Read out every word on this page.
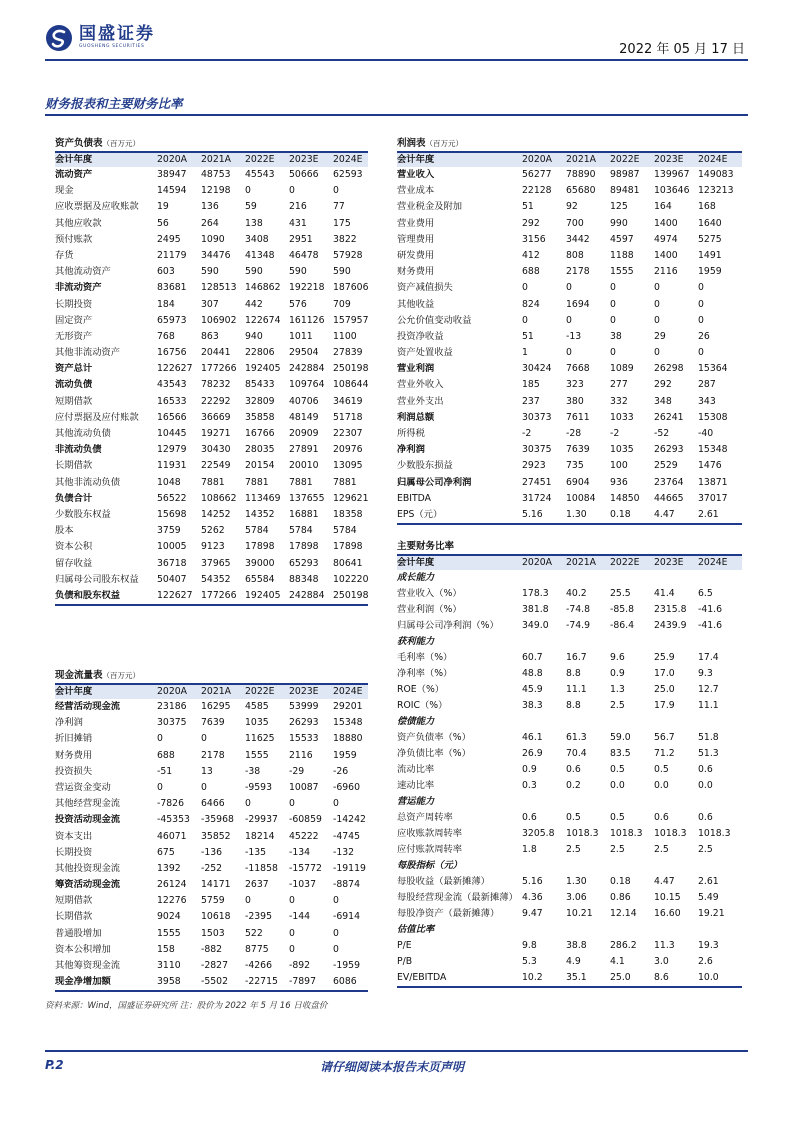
国盛证券
GUOSHENG SECURITIES	2022 年 05 月 17 日
财务报表和主要财务比率
资产负债表（百万元）
会计年度	2020A	2021A	2022E	2023E	2024E
流动资产	38947	48753	45543	50666	62593
现金	14594	12198	0	0	0
应收票据及应收账款	19	136	59	216	77
其他应收款	56	264	138	431	175
预付账款	2495	1090	3408	2951	3822
存货	21179	34476	41348	46478	57928
其他流动资产	603	590	590	590	590
非流动资产	83681	128513 146862 192218 187606
长期投资	184	307	442	576	709
固定资产	65973	106902 122674 161126 157957
无形资产	768	863	940	1011	1100
其他非流动资产	16756	20441	22806	29504	27839
资产总计	122627 177266 192405 242884 250198
流动负债	43543	78232	85433	109764 108644
短期借款	16533	22292	32809	40706	34619
应付票据及应付账款	16566	36669	35858	48149	51718
其他流动负债	10445	19271	16766	20909	22307
非流动负债	12979	30430	28035	27891	20976
长期借款	11931	22549	20154	20010	13095
其他非流动负债	1048	7881	7881	7881	7881
负债合计	56522	108662 113469 137655 129621
少数股东权益	15698	14252	14352	16881	18358
股本	3759	5262	5784	5784	5784
资本公积	10005	9123	17898	17898	17898
留存收益	36718	37965	39000	65293	80641
归属母公司股东权益	50407	54352	65584	88348	102220
负债和股东权益	122627 177266 192405 242884 250198
利润表（百万元）
会计年度	2020A	2021A	2022E	2023E	2024E
营业收入	56277	78890	98987	139967 149083
营业成本	22128	65680	89481	103646 123213
营业税金及附加	51	92	125	164	168
营业费用	292	700	990	1400	1640
管理费用	3156	3442	4597	4974	5275
研发费用	412	808	1188	1400	1491
财务费用	688	2178	1555	2116	1959
资产减值损失	0	0	0	0	0
其他收益	824	1694	0	0	0
公允价值变动收益	0	0	0	0	0
投资净收益	51	-13	38	29	26
资产处置收益	1	0	0	0	0
营业利润	30424	7668	1089	26298	15364
营业外收入	185	323	277	292	287
营业外支出	237	380	332	348	343
利润总额	30373	7611	1033	26241	15308
所得税	-2	-28	-2	-52	-40
净利润	30375	7639	1035	26293	15348
少数股东损益	2923	735	100	2529	1476
归属母公司净利润	27451	6904	936	23764	13871
EBITDA	31724	10084	14850	44665	37017
EPS（元）	5.16	1.30	0.18	4.47	2.61
主要财务比率
会计年度	2020A	2021A	2022E	2023E	2024E
成长能力
营业收入（%）	178.3	40.2	25.5	41.4	6.5
营业利润（%）	381.8	-74.8	-85.8	2315.8	-41.6
归属母公司净利润（%）	349.0	-74.9	-86.4	2439.9	-41.6
获利能力
毛利率（%）	60.7	16.7	9.6	25.9	17.4
净利率（%）	48.8	8.8	0.9	17.0	9.3
ROE（%）	45.9	11.1	1.3	25.0	12.7
ROIC（%）	38.3	8.8	2.5	17.9	11.1
偿债能力
资产负债率（%）	46.1	61.3	59.0	56.7	51.8
净负债比率（%）	26.9	70.4	83.5	71.2	51.3
流动比率	0.9	0.6	0.5	0.5	0.6
速动比率	0.3	0.2	0.0	0.0	0.0
营运能力
总资产周转率	0.6	0.5	0.5	0.6	0.6
应收账款周转率	3205.8	1018.3	1018.3	1018.3	1018.3
应付账款周转率	1.8	2.5	2.5	2.5	2.5
每股指标（元）
每股收益（最新摊薄）	5.16	1.30	0.18	4.47	2.61
每股经营现金流（最新摊薄） 4.36	3.06	0.86	10.15	5.49
每股净资产（最新摊薄）	9.47	10.21	12.14	16.60	19.21
估值比率
P/E	9.8	38.8	286.2	11.3	19.3
P/B	5.3	4.9	4.1	3.0	2.6
EV/EBITDA	10.2	35.1	25.0	8.6	10.0
现金流量表（百万元）
会计年度	2020A	2021A	2022E	2023E	2024E
经营活动现金流	23186	16295	4585	53999	29201
净利润	30375	7639	1035	26293	15348
折旧摊销	0	0	11625	15533	18880
财务费用	688	2178	1555	2116	1959
投资损失	-51	13	-38	-29	-26
营运资金变动	0	0	-9593	10087	-6960
其他经营现金流	-7826	6466	0	0	0
投资活动现金流	-45353	-35968	-29937	-60859	-14242
资本支出	46071	35852	18214	45222	-4745
长期投资	675	-136	-135	-134	-132
其他投资现金流	1392	-252	-11858	-15772	-19119
筹资活动现金流	26124	14171	2637	-1037	-8874
短期借款	12276	5759	0	0	0
长期借款	9024	10618	-2395	-144	-6914
普通股增加	1555	1503	522	0	0
资本公积增加	158	-882	8775	0	0
其他筹资现金流	3110	-2827	-4266	-892	-1959
现金净增加额	3958	-5502	-22715	-7897	6086
资料来源：Wind，国盛证券研究所 注：股价为 2022 年 5 月 16 日收盘价
P.2	请仔细阅读本报告末页声明
